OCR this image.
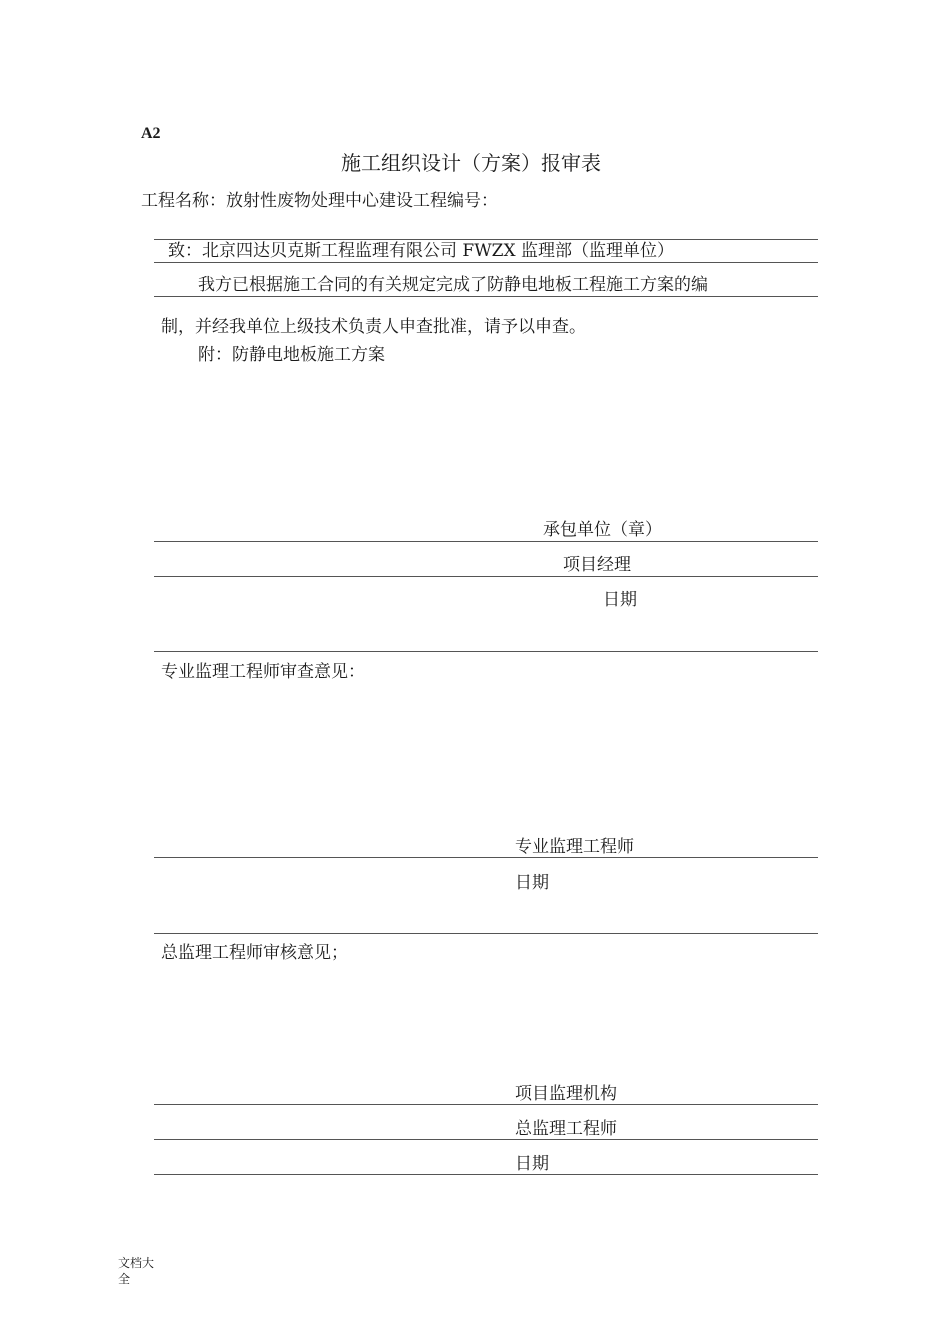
A2
施工组织设计（方案）报审表
工程名称：放射性废物处理中心建设工程编号：
致：北京四达贝克斯工程监理有限公司 FWZX 监理部（监理单位）
我方已根据施工合同的有关规定完成了防静电地板工程施工方案的编
制，并经我单位上级技术负责人申查批准，请予以申查。
附：防静电地板施工方案
承包单位（章）
项目经理
日期
专业监理工程师审查意见：
专业监理工程师
日期
总监理工程师审核意见；
项目监理机构
总监理工程师
日期
文档大
全
